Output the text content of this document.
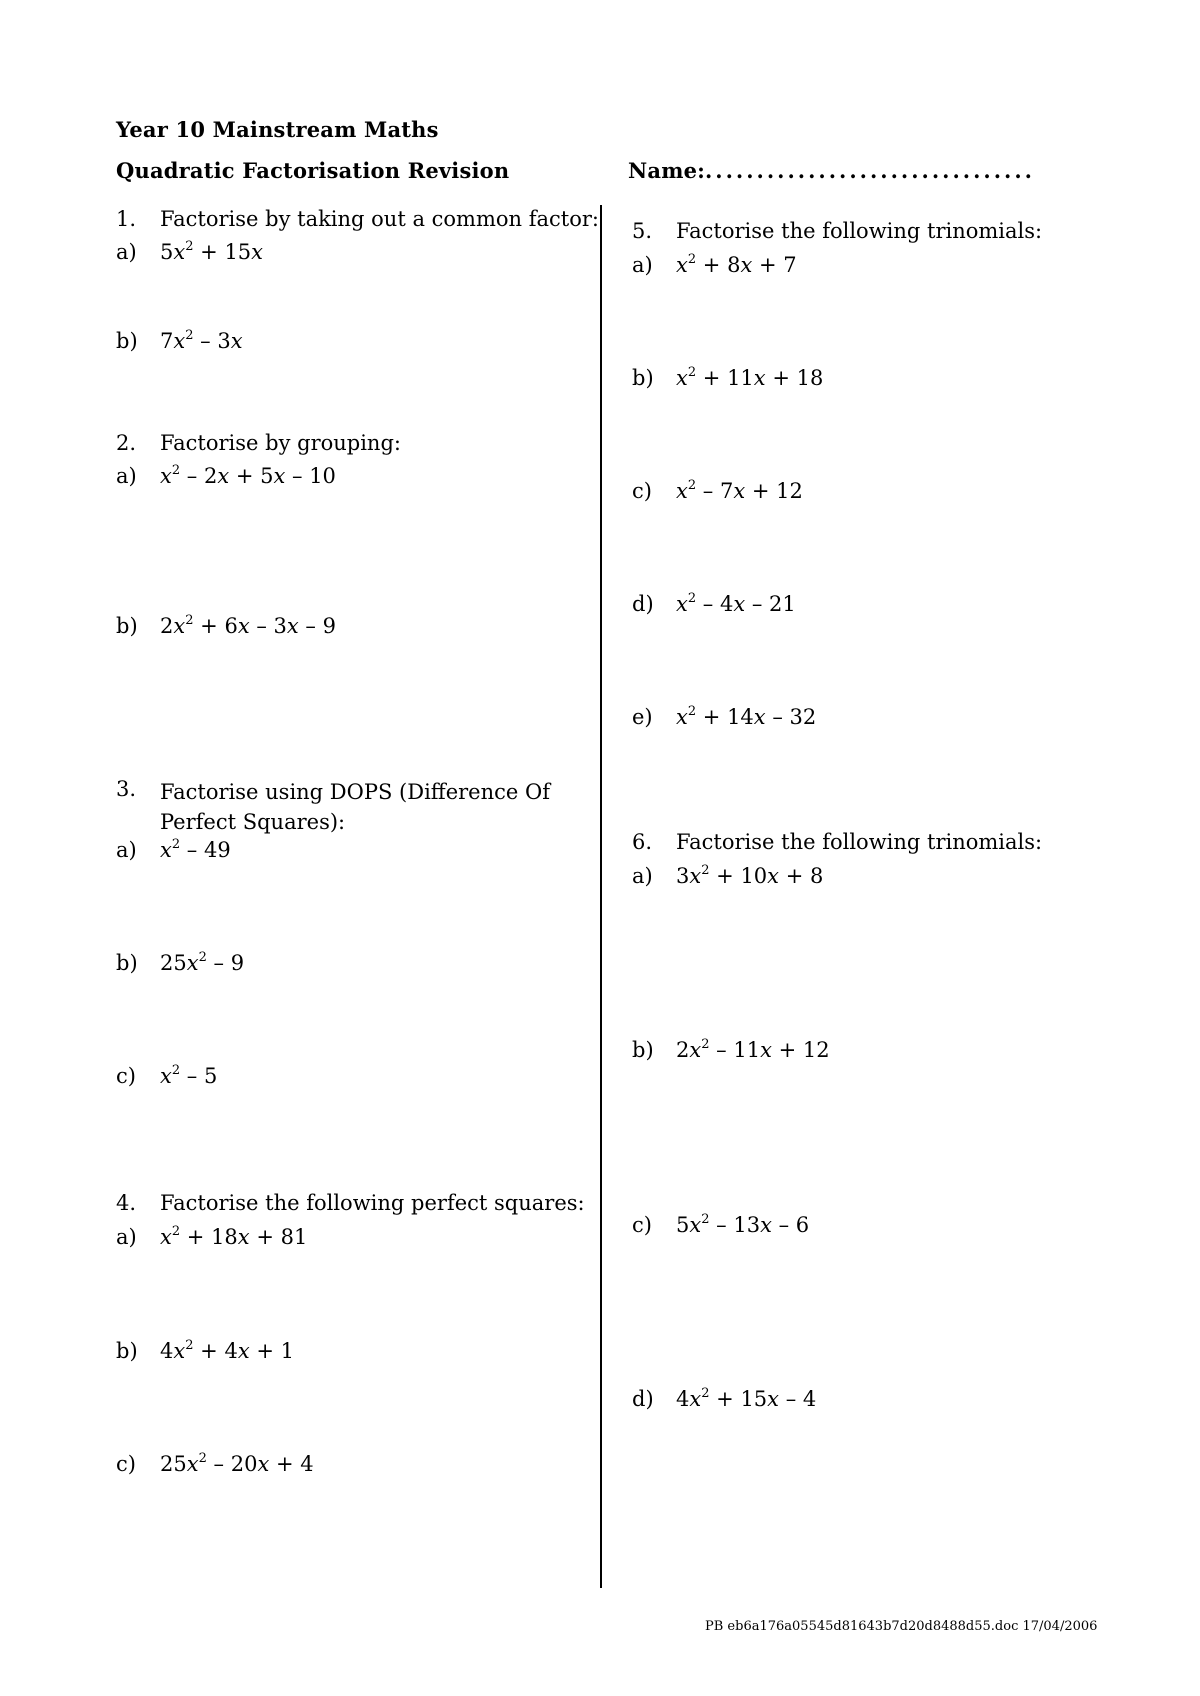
Year 10 Mainstream Maths
Quadratic Factorisation Revision	Name: ................................
1. Factorise by taking out a common factor:
a) $5x^2 + 15x$
b) $7x^2 - 3x$
2. Factorise by grouping:
a) $x^2 - 2x + 5x - 10$
b) $2x^2 + 6x - 3x - 9$
3. Factorise using DOPS (Difference Of Perfect Squares):
a) $x^2 - 49$
b) $25x^2 - 9$
c) $x^2 - 5$
4. Factorise the following perfect squares:
a) $x^2 + 18x + 81$
b) $4x^2 + 4x + 1$
c) $25x^2 - 20x + 4$
5. Factorise the following trinomials:
a) $x^2 + 8x + 7$
b) $x^2 + 11x + 18$
c) $x^2 - 7x + 12$
d) $x^2 - 4x - 21$
e) $x^2 + 14x - 32$
6. Factorise the following trinomials:
a) $3x^2 + 10x + 8$
b) $2x^2 - 11x + 12$
c) $5x^2 - 13x - 6$
d) $4x^2 + 15x - 4$
PB eb6a176a05545d81643b7d20d8488d55.doc 17/04/2006
